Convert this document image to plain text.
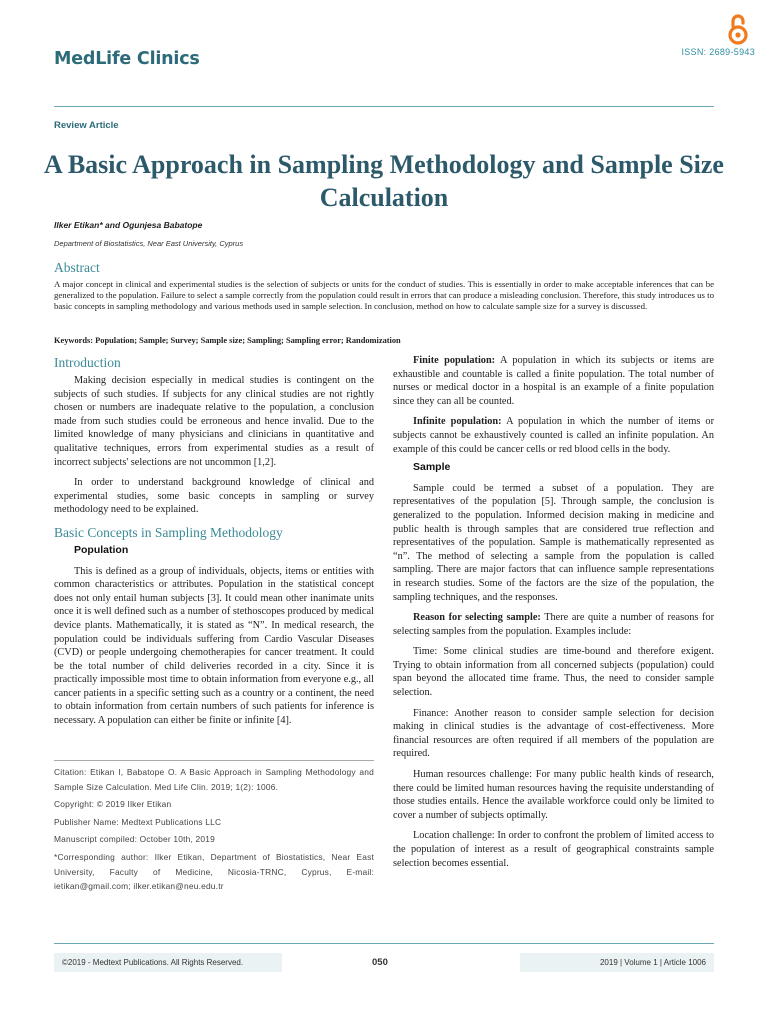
MedLife Clinics	ISSN: 2689-5943
Review Article
A Basic Approach in Sampling Methodology and Sample Size Calculation
Ilker Etikan* and Ogunjesa Babatope
Department of Biostatistics, Near East University, Cyprus
Abstract
A major concept in clinical and experimental studies is the selection of subjects or units for the conduct of studies. This is essentially in order to make acceptable inferences that can be generalized to the population. Failure to select a sample correctly from the population could result in errors that can produce a misleading conclusion. Therefore, this study introduces us to basic concepts in sampling methodology and various methods used in sample selection. In conclusion, method on how to calculate sample size for a survey is discussed.
Keywords: Population; Sample; Survey; Sample size; Sampling; Sampling error; Randomization
Introduction

Making decision especially in medical studies is contingent on the subjects of such studies. If subjects for any clinical studies are not rightly chosen or numbers are inadequate relative to the population, a conclusion made from such studies could be erroneous and hence invalid. Due to the limited knowledge of many physicians and clinicians in quantitative and qualitative techniques, errors from experimental studies as a result of incorrect subjects' selections are not uncommon [1,2].

In order to understand background knowledge of clinical and experimental studies, some basic concepts in sampling or survey methodology need to be explained.

Basic Concepts in Sampling Methodology

Population

This is defined as a group of individuals, objects, items or entities with common characteristics or attributes. Population in the statistical concept does not only entail human subjects [3]. It could mean other inanimate units once it is well defined such as a number of stethoscopes produced by medical device plants. Mathematically, it is stated as “N”. In medical research, the population could be individuals suffering from Cardio Vascular Diseases (CVD) or people undergoing chemotherapies for cancer treatment. It could be the total number of child deliveries recorded in a city. Since it is practically impossible most time to obtain information from everyone e.g., all cancer patients in a specific setting such as a country or a continent, the need to obtain information from certain numbers of such patients for inference is necessary. A population can either be finite or infinite [4].

Citation: Etikan I, Babatope O. A Basic Approach in Sampling Methodology and Sample Size Calculation. Med Life Clin. 2019; 1(2): 1006.

Copyright: © 2019 Ilker Etikan

Publisher Name: Medtext Publications LLC

Manuscript compiled: October 10th, 2019

*Corresponding author: Ilker Etikan, Department of Biostatistics, Near East University, Faculty of Medicine, Nicosia-TRNC, Cyprus, E-mail: ietikan@gmail.com; ilker.etikan@neu.edu.tr

Finite population: A population in which its subjects or items are exhaustible and countable is called a finite population. The total number of nurses or medical doctor in a hospital is an example of a finite population since they can all be counted.

Infinite population: A population in which the number of items or subjects cannot be exhaustively counted is called an infinite population. An example of this could be cancer cells or red blood cells in the body.

Sample

Sample could be termed a subset of a population. They are representatives of the population [5]. Through sample, the conclusion is generalized to the population. Informed decision making in medicine and public health is through samples that are considered true reflection and representatives of the population. Sample is mathematically represented as “n”. The method of selecting a sample from the population is called sampling. There are major factors that can influence sample representations in research studies. Some of the factors are the size of the population, the sampling techniques, and the responses.

Reason for selecting sample: There are quite a number of reasons for selecting samples from the population. Examples include:

Time: Some clinical studies are time-bound and therefore exigent. Trying to obtain information from all concerned subjects (population) could span beyond the allocated time frame. Thus, the need to consider sample selection.

Finance: Another reason to consider sample selection for decision making in clinical studies is the advantage of cost-effectiveness. More financial resources are often required if all members of the population are required.

Human resources challenge: For many public health kinds of research, there could be limited human resources having the requisite understanding of those studies entails. Hence the available workforce could only be limited to cover a number of subjects optimally.

Location challenge: In order to confront the problem of limited access to the population of interest as a result of geographical constraints sample selection becomes essential.

©2019 - Medtext Publications. All Rights Reserved.	050	2019 | Volume 1 | Article 1006
